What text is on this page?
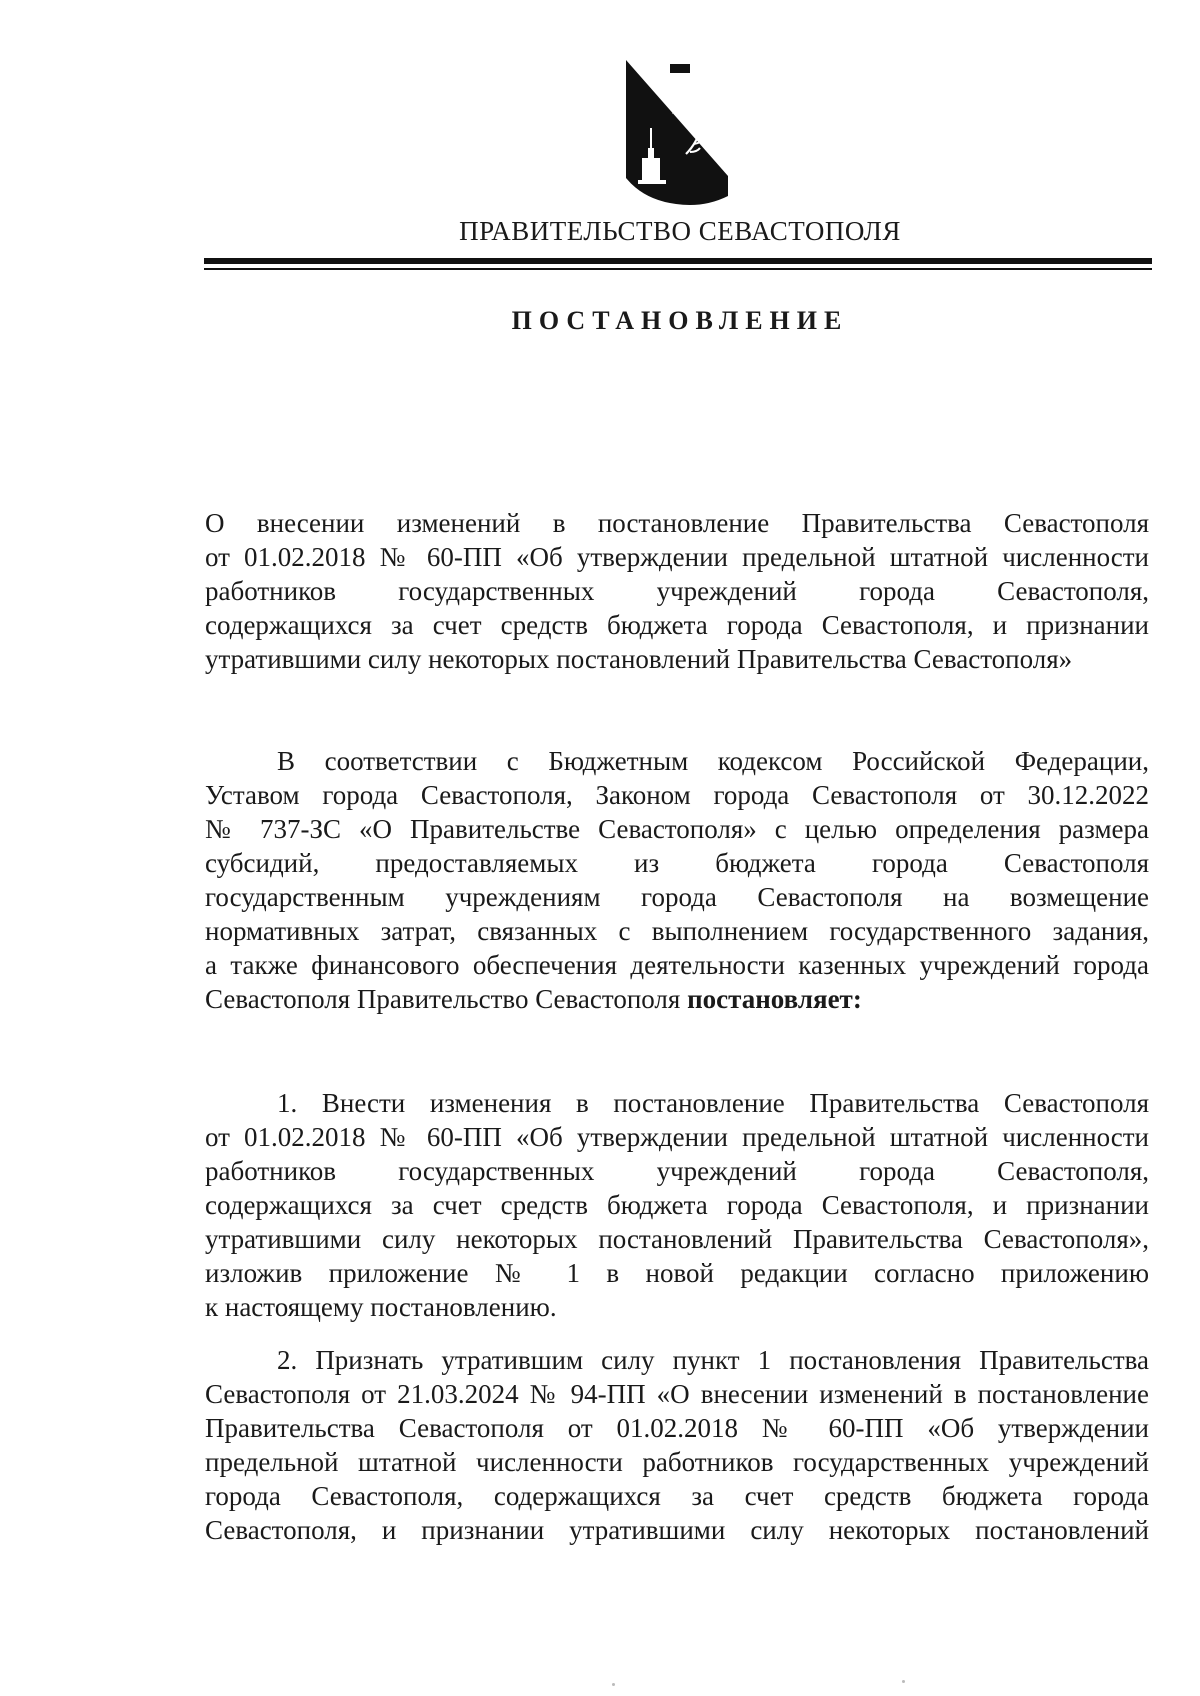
ПРАВИТЕЛЬСТВО СЕВАСТОПОЛЯ
ПОСТАНОВЛЕНИЕ
О внесении изменений в постановление Правительства Севастополя
от 01.02.2018 № 60-ПП «Об утверждении предельной штатной численности
работников государственных учреждений города Севастополя,
содержащихся за счет средств бюджета города Севастополя, и признании
утратившими силу некоторых постановлений Правительства Севастополя»
В соответствии с Бюджетным кодексом Российской Федерации,
Уставом города Севастополя, Законом города Севастополя от 30.12.2022
№ 737-ЗС «О Правительстве Севастополя» с целью определения размера
субсидий, предоставляемых из бюджета города Севастополя
государственным учреждениям города Севастополя на возмещение
нормативных затрат, связанных с выполнением государственного задания,
а также финансового обеспечения деятельности казенных учреждений города
Севастополя Правительство Севастополя постановляет:
1. Внести изменения в постановление Правительства Севастополя
от 01.02.2018 № 60-ПП «Об утверждении предельной штатной численности
работников государственных учреждений города Севастополя,
содержащихся за счет средств бюджета города Севастополя, и признании
утратившими силу некоторых постановлений Правительства Севастополя»,
изложив приложение № 1 в новой редакции согласно приложению
к настоящему постановлению.
2. Признать утратившим силу пункт 1 постановления Правительства
Севастополя от 21.03.2024 № 94-ПП «О внесении изменений в постановление
Правительства Севастополя от 01.02.2018 № 60-ПП «Об утверждении
предельной штатной численности работников государственных учреждений
города Севастополя, содержащихся за счет средств бюджета города
Севастополя, и признании утратившими силу некоторых постановлений
